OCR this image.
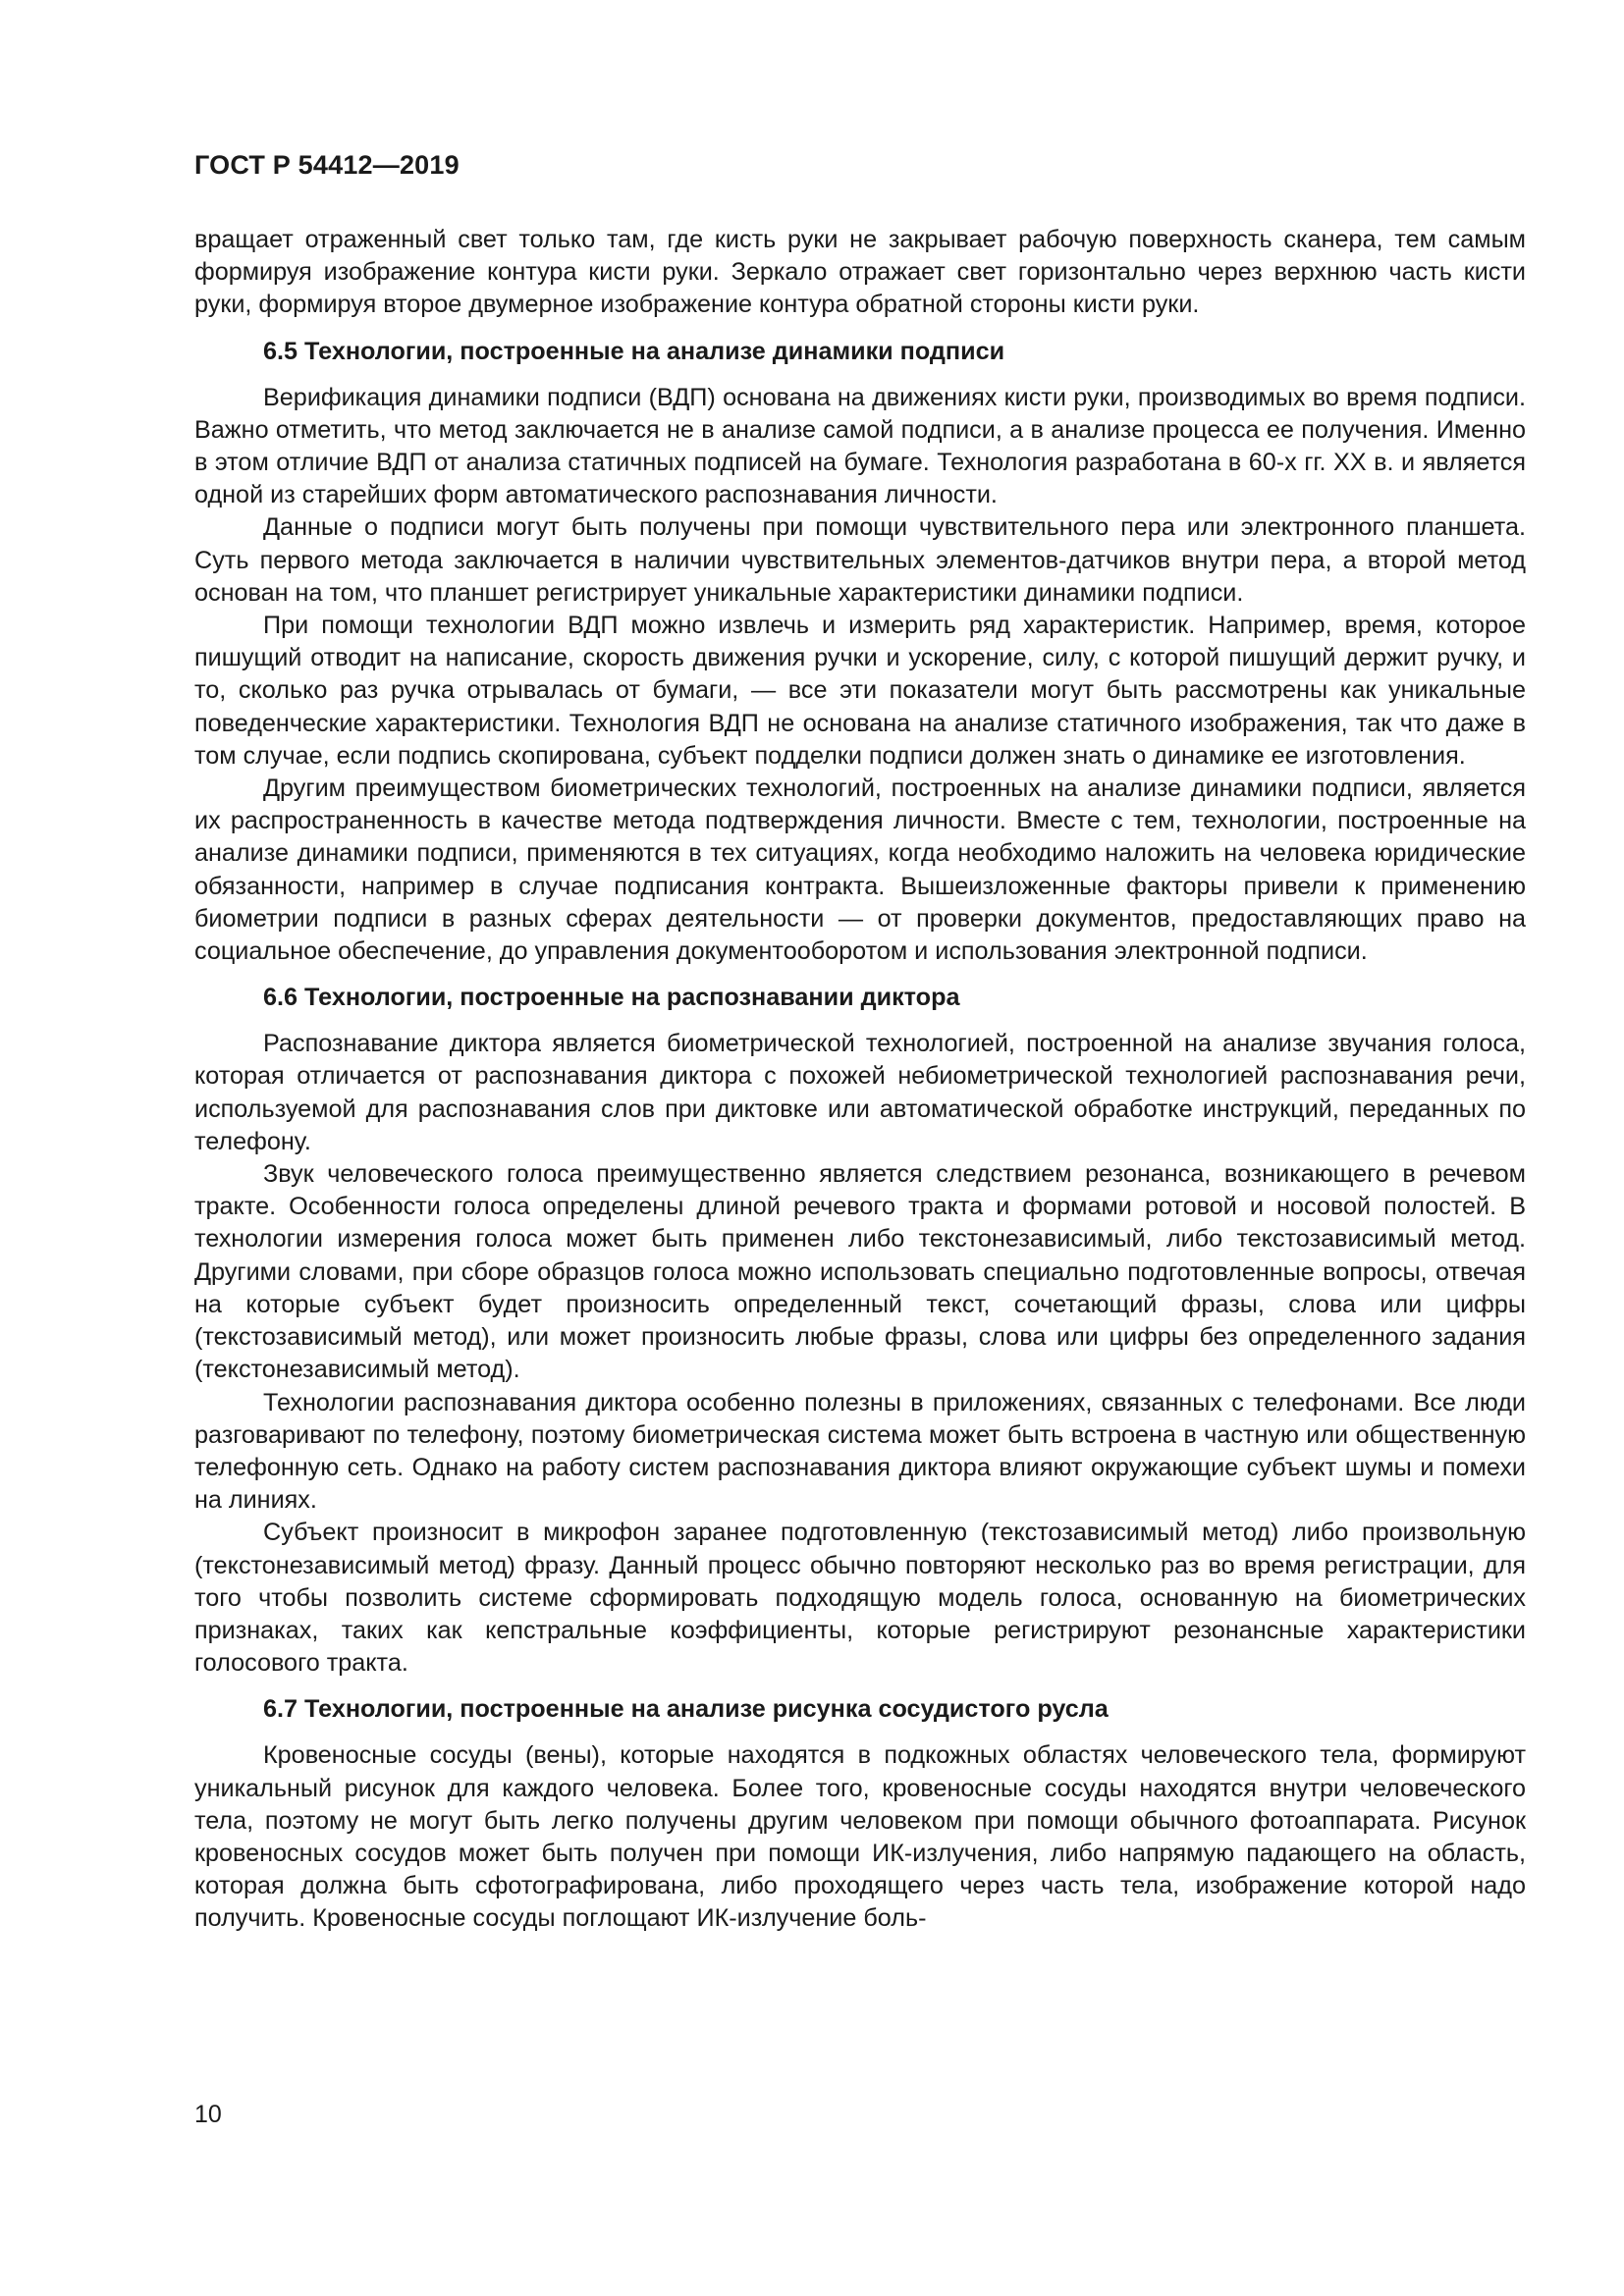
ГОСТ Р 54412—2019

вращает отраженный свет только там, где кисть руки не закрывает рабочую поверхность сканера, тем самым формируя изображение контура кисти руки. Зеркало отражает свет горизонтально через верхнюю часть кисти руки, формируя второе двумерное изображение контура обратной стороны кисти руки.

6.5 Технологии, построенные на анализе динамики подписи

Верификация динамики подписи (ВДП) основана на движениях кисти руки, производимых во время подписи. Важно отметить, что метод заключается не в анализе самой подписи, а в анализе процесса ее получения. Именно в этом отличие ВДП от анализа статичных подписей на бумаге. Технология разработана в 60-х гг. XX в. и является одной из старейших форм автоматического распознавания личности.

Данные о подписи могут быть получены при помощи чувствительного пера или электронного планшета. Суть первого метода заключается в наличии чувствительных элементов-датчиков внутри пера, а второй метод основан на том, что планшет регистрирует уникальные характеристики динамики подписи.

При помощи технологии ВДП можно извлечь и измерить ряд характеристик. Например, время, которое пишущий отводит на написание, скорость движения ручки и ускорение, силу, с которой пишущий держит ручку, и то, сколько раз ручка отрывалась от бумаги, — все эти показатели могут быть рассмотрены как уникальные поведенческие характеристики. Технология ВДП не основана на анализе статичного изображения, так что даже в том случае, если подпись скопирована, субъект подделки подписи должен знать о динамике ее изготовления.

Другим преимуществом биометрических технологий, построенных на анализе динамики подписи, является их распространенность в качестве метода подтверждения личности. Вместе с тем, технологии, построенные на анализе динамики подписи, применяются в тех ситуациях, когда необходимо наложить на человека юридические обязанности, например в случае подписания контракта. Вышеизложенные факторы привели к применению биометрии подписи в разных сферах деятельности — от проверки документов, предоставляющих право на социальное обеспечение, до управления документооборотом и использования электронной подписи.

6.6 Технологии, построенные на распознавании диктора

Распознавание диктора является биометрической технологией, построенной на анализе звучания голоса, которая отличается от распознавания диктора с похожей небиометрической технологией распознавания речи, используемой для распознавания слов при диктовке или автоматической обработке инструкций, переданных по телефону.

Звук человеческого голоса преимущественно является следствием резонанса, возникающего в речевом тракте. Особенности голоса определены длиной речевого тракта и формами ротовой и носовой полостей. В технологии измерения голоса может быть применен либо текстонезависимый, либо текстозависимый метод. Другими словами, при сборе образцов голоса можно использовать специально подготовленные вопросы, отвечая на которые субъект будет произносить определенный текст, сочетающий фразы, слова или цифры (текстозависимый метод), или может произносить любые фразы, слова или цифры без определенного задания (текстонезависимый метод).

Технологии распознавания диктора особенно полезны в приложениях, связанных с телефонами. Все люди разговаривают по телефону, поэтому биометрическая система может быть встроена в частную или общественную телефонную сеть. Однако на работу систем распознавания диктора влияют окружающие субъект шумы и помехи на линиях.

Субъект произносит в микрофон заранее подготовленную (текстозависимый метод) либо произвольную (текстонезависимый метод) фразу. Данный процесс обычно повторяют несколько раз во время регистрации, для того чтобы позволить системе сформировать подходящую модель голоса, основанную на биометрических признаках, таких как кепстральные коэффициенты, которые регистрируют резонансные характеристики голосового тракта.

6.7 Технологии, построенные на анализе рисунка сосудистого русла

Кровеносные сосуды (вены), которые находятся в подкожных областях человеческого тела, формируют уникальный рисунок для каждого человека. Более того, кровеносные сосуды находятся внутри человеческого тела, поэтому не могут быть легко получены другим человеком при помощи обычного фотоаппарата. Рисунок кровеносных сосудов может быть получен при помощи ИК-излучения, либо напрямую падающего на область, которая должна быть сфотографирована, либо проходящего через часть тела, изображение которой надо получить. Кровеносные сосуды поглощают ИК-излучение боль-

10
